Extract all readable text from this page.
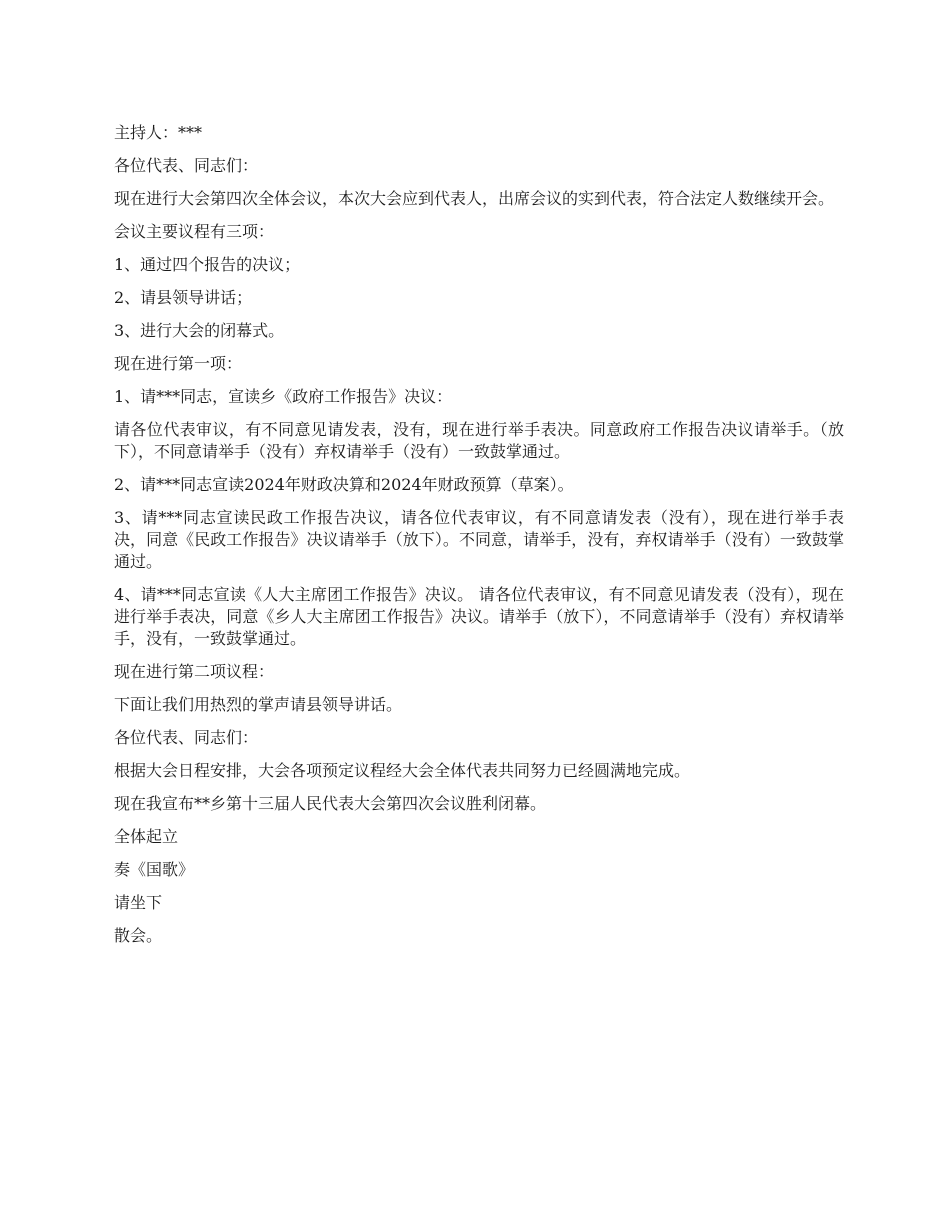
主持人：***

各位代表、同志们：

现在进行大会第四次全体会议，本次大会应到代表人，出席会议的实到代表，符合法定人数继续开会。

会议主要议程有三项：

1、通过四个报告的决议；

2、请县领导讲话；

3、进行大会的闭幕式。

现在进行第一项：

1、请***同志，宣读乡《政府工作报告》决议：

请各位代表审议，有不同意见请发表，没有，现在进行举手表决。同意政府工作报告决议请举手。（放下），不同意请举手（没有）弃权请举手（没有）一致鼓掌通过。

2、请***同志宣读2024年财政决算和2024年财政预算（草案）。

3、请***同志宣读民政工作报告决议，请各位代表审议，有不同意请发表（没有），现在进行举手表决，同意《民政工作报告》决议请举手（放下）。不同意，请举手，没有，弃权请举手（没有）一致鼓掌通过。

4、请***同志宣读《人大主席团工作报告》决议。 请各位代表审议，有不同意见请发表（没有），现在进行举手表决，同意《乡人大主席团工作报告》决议。请举手（放下），不同意请举手（没有）弃权请举手，没有，一致鼓掌通过。

现在进行第二项议程：

下面让我们用热烈的掌声请县领导讲话。

各位代表、同志们：

根据大会日程安排，大会各项预定议程经大会全体代表共同努力已经圆满地完成。

现在我宣布**乡第十三届人民代表大会第四次会议胜利闭幕。

全体起立

奏《国歌》

请坐下

散会。
